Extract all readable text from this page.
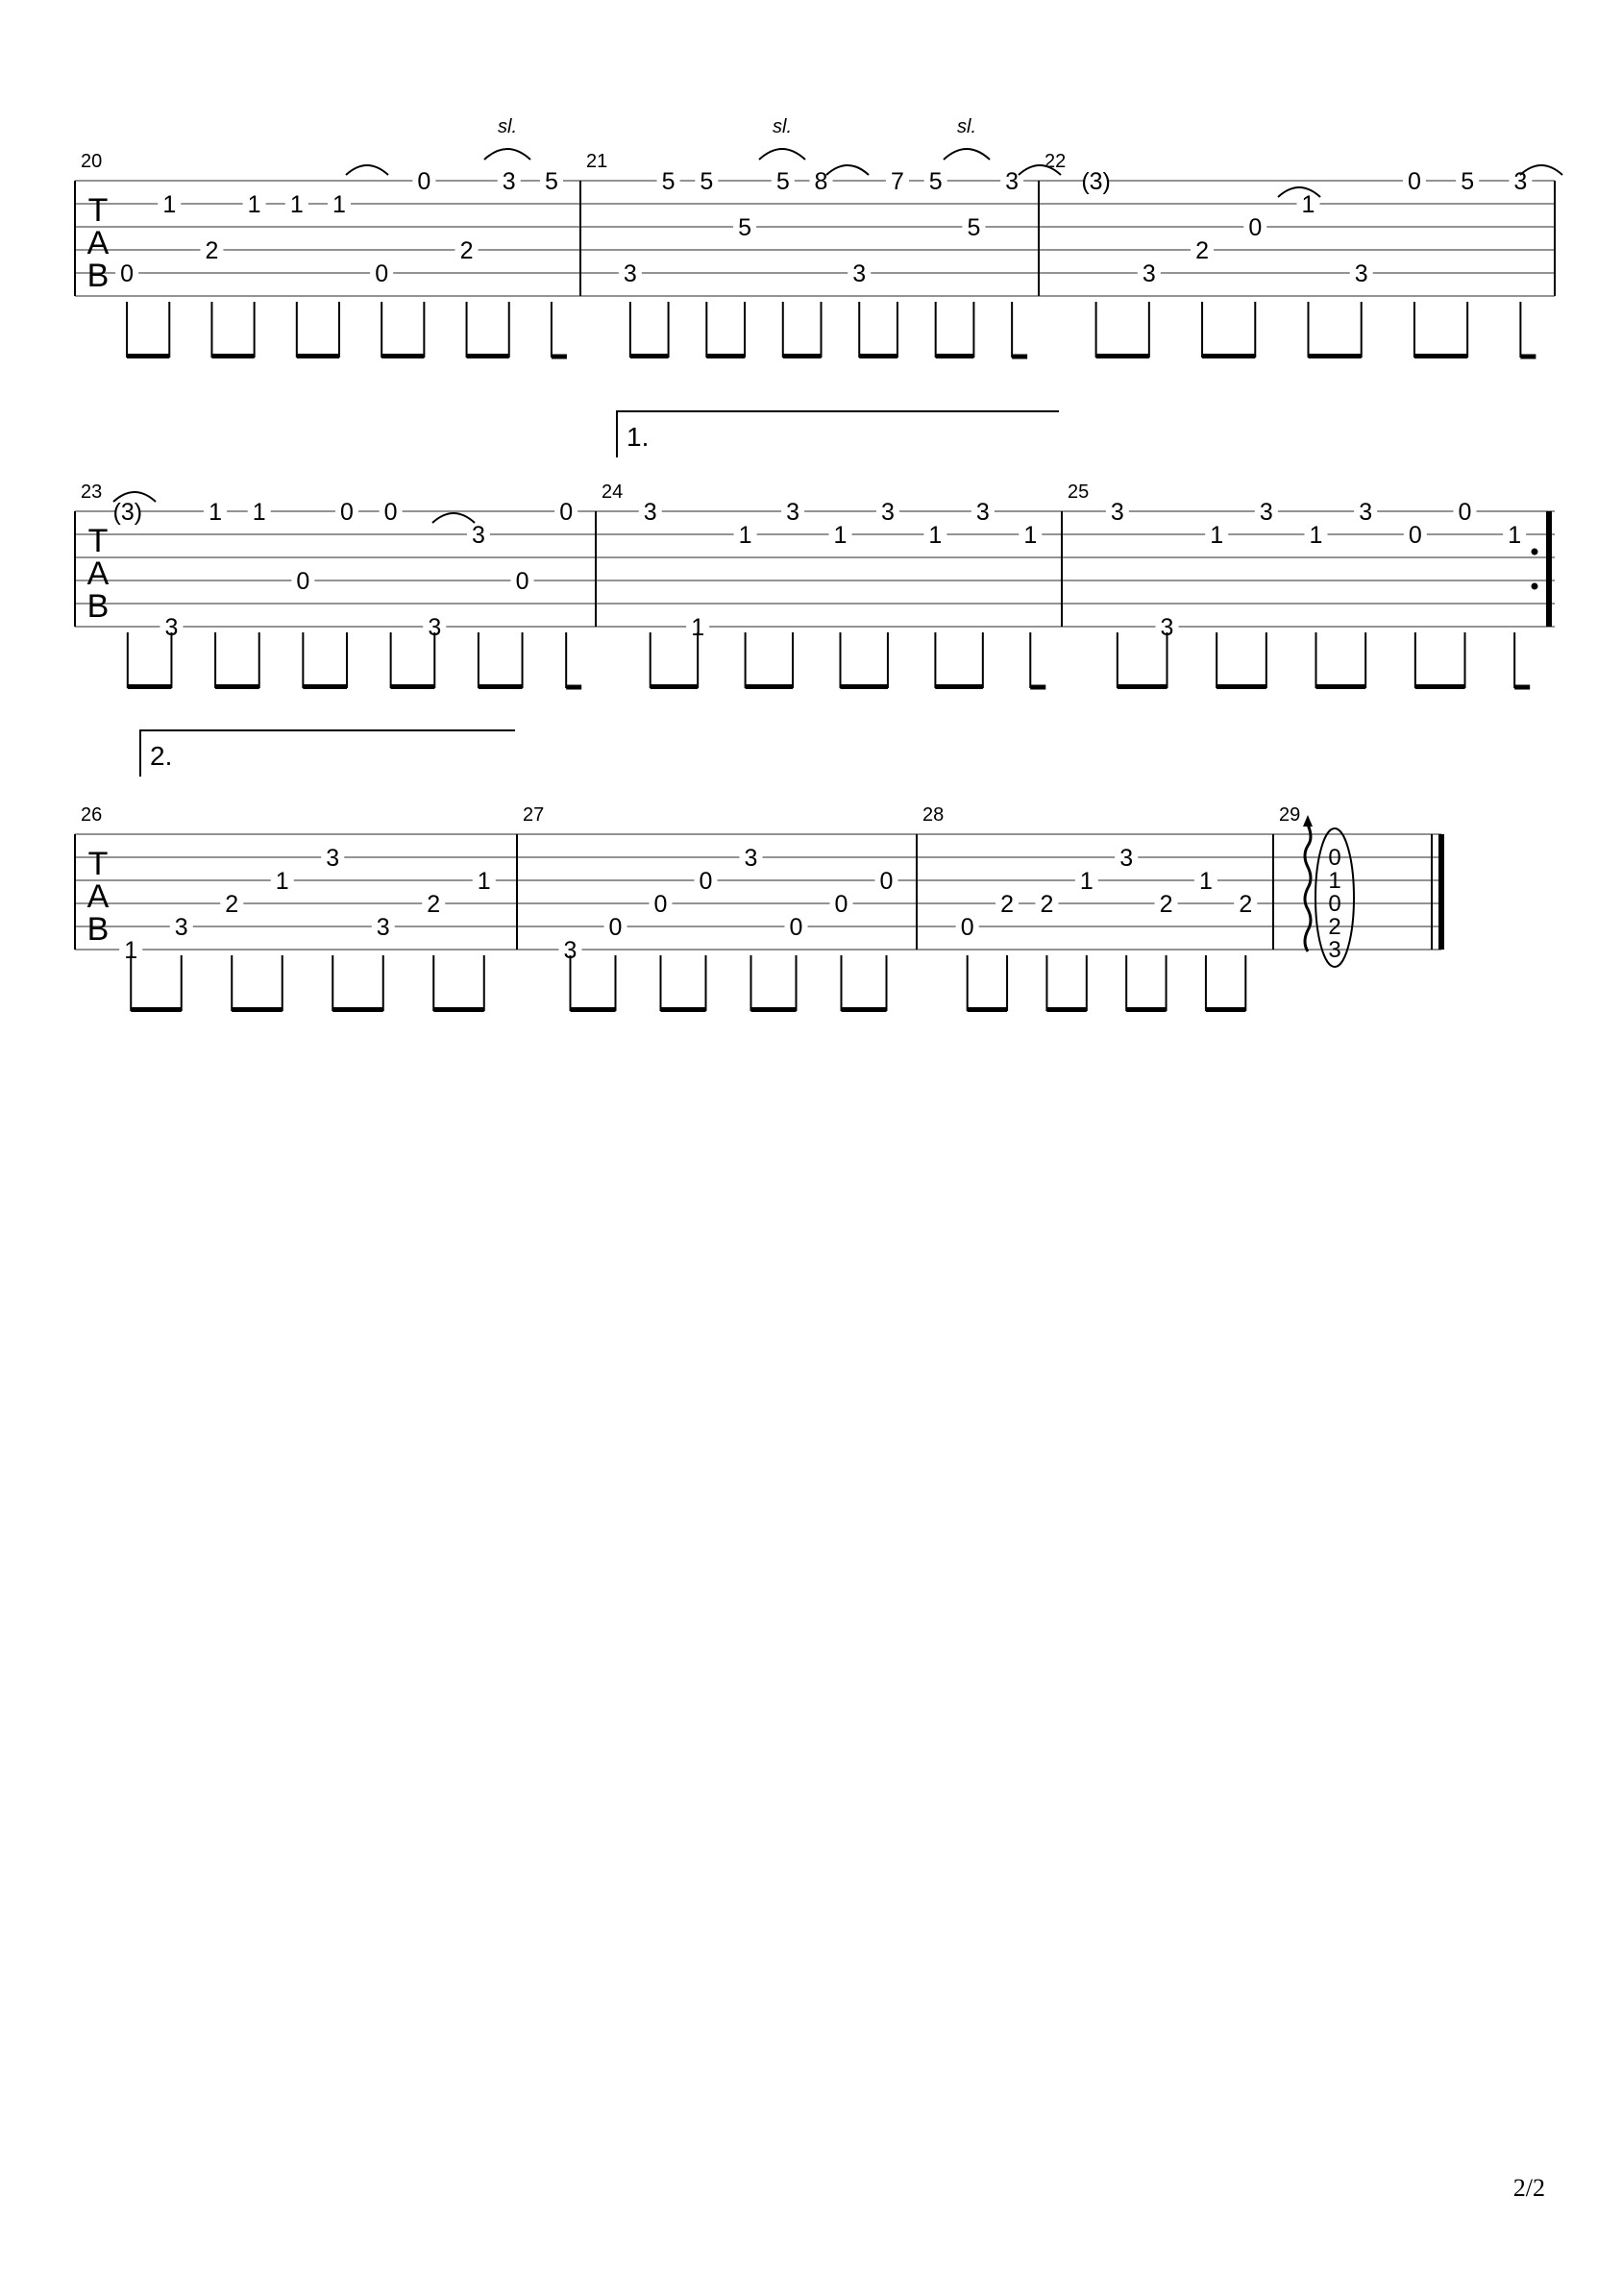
T
A
B
20
0
1
2
1 1 1
0
0
2
3 5
21
3
5 5
5
5 8
3
7 5
5
3
22
(3)
3
2
0
1
3
0 5 3
T
A
B
23
(3)
3
1 1
0
0 0
3
3
0
0
24
3
1
1
3
1
3
1
3
1
25
3
3
1
3
1
3
0
0
1
T
A
B
26
1
3
2
1
3
3
2
1
27
3
0
0
0
3
0
0
0
28
0
2 2
1
3
2
1
2
29
0
1
0
2
3
1.
2.
sl.	sl.	sl.
2/2
